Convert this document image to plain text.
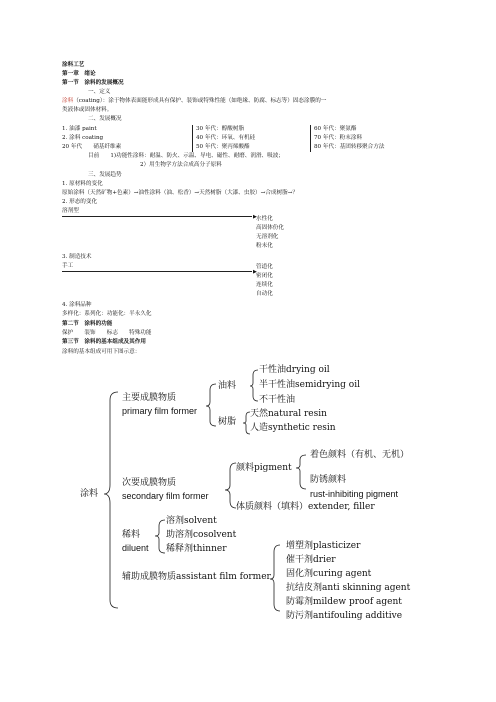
涂料工艺
第一章　绪论
第一节　涂料的发展概况
一、定义
涂料（coating）：涂于物体表面能形成具有保护、装饰或特殊性能（如绝缘、防腐、标志等）固态涂膜的一
类液体或固体材料。
二、发展概况
1. 油漆 paint	30 年代：醇酸树脂	60 年代：聚氨酯
2. 涂料 coating	40 年代：环氧、有机硅	70 年代：粉末涂料
20 年代　　硝基纤维素	50 年代：聚丙烯酸酯	80 年代：基团转移聚合方法
目前　　1)功能性涂料：耐温、防火、示温、导电、磁性、耐磨、润滑、吸波；
2）用生物学方法合成高分子原料
三、发展趋势
1. 原材料的变化
原始涂料（天然矿物+色素）→油性涂料（油、松香）→天然树脂（大漆、虫胶）→合成树脂→？
2. 形态的变化
溶剂型
▶ 水性化
高固体份化
无溶剂化
粉末化
3. 制造技术
手工
▶
管道化
密闭化
连续化
自动化
4. 涂料品种
多样化：系列化：功能化：半永久化
第二节　涂料的功能
保护　　装饰　　标志　　特殊功能
第三节　涂料的基本组成及其作用
涂料的基本组成可用下图示意：
涂料
主要成膜物质
primary film former
油料
干性油drying oil
半干性油semidrying oil
不干性油
树脂
天然natural resin
人造synthetic resin
次要成膜物质
secondary film former
颜料pigment
着色颜料（有机、无机）
防锈颜料
rust-inhibiting pigment
体质颜料（填料）extender, filler
稀料
diluent
溶剂solvent
助溶剂cosolvent
稀释剂thinner
辅助成膜物质assistant film former
增塑剂plasticizer
催干剂drier
固化剂curing agent
抗结皮剂anti skinning agent
防霉剂mildew proof agent
防污剂antifouling additive
